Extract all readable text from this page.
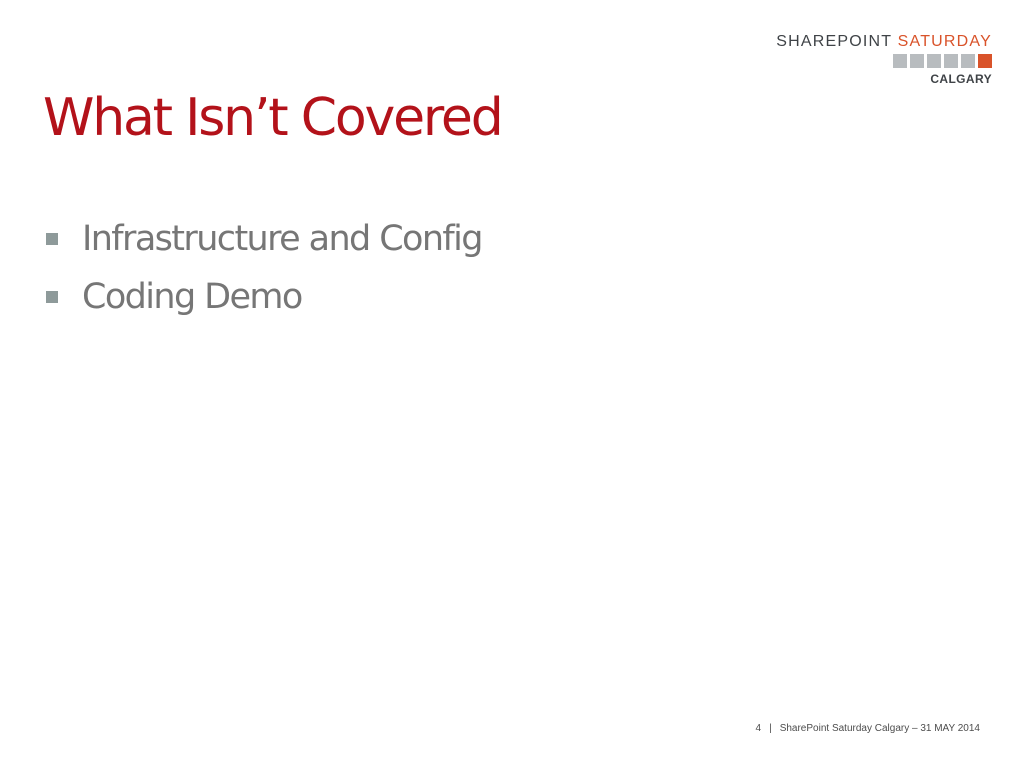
SHAREPOINT SATURDAY
CALGARY
What Isn’t Covered
Infrastructure and Config
Coding Demo
4 | SharePoint Saturday Calgary – 31 MAY 2014
